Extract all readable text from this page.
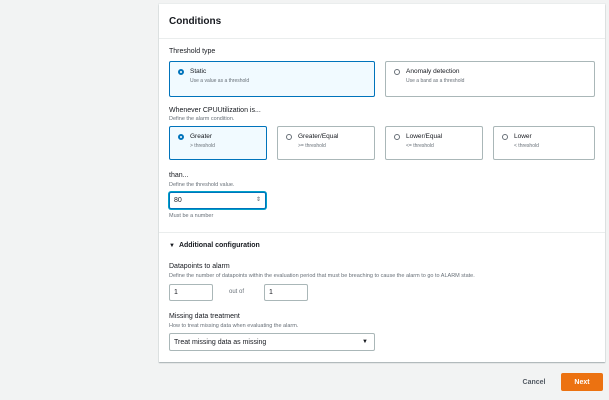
Conditions
Threshold type
Static
Use a value as a threshold
Anomaly detection
Use a band as a threshold
Whenever CPUUtilization is...
Define the alarm condition.
Greater
> threshold
Greater/Equal
>= threshold
Lower/Equal
<= threshold
Lower
< threshold
than...
Define the threshold value.
80	⇕
Must be a number
▼ Additional configuration
Datapoints to alarm
Define the number of datapoints within the evaluation period that must be breaching to cause the alarm to go to ALARM state.
1	out of	1
Missing data treatment
How to treat missing data when evaluating the alarm.
Treat missing data as missing	▼
Cancel	Next
